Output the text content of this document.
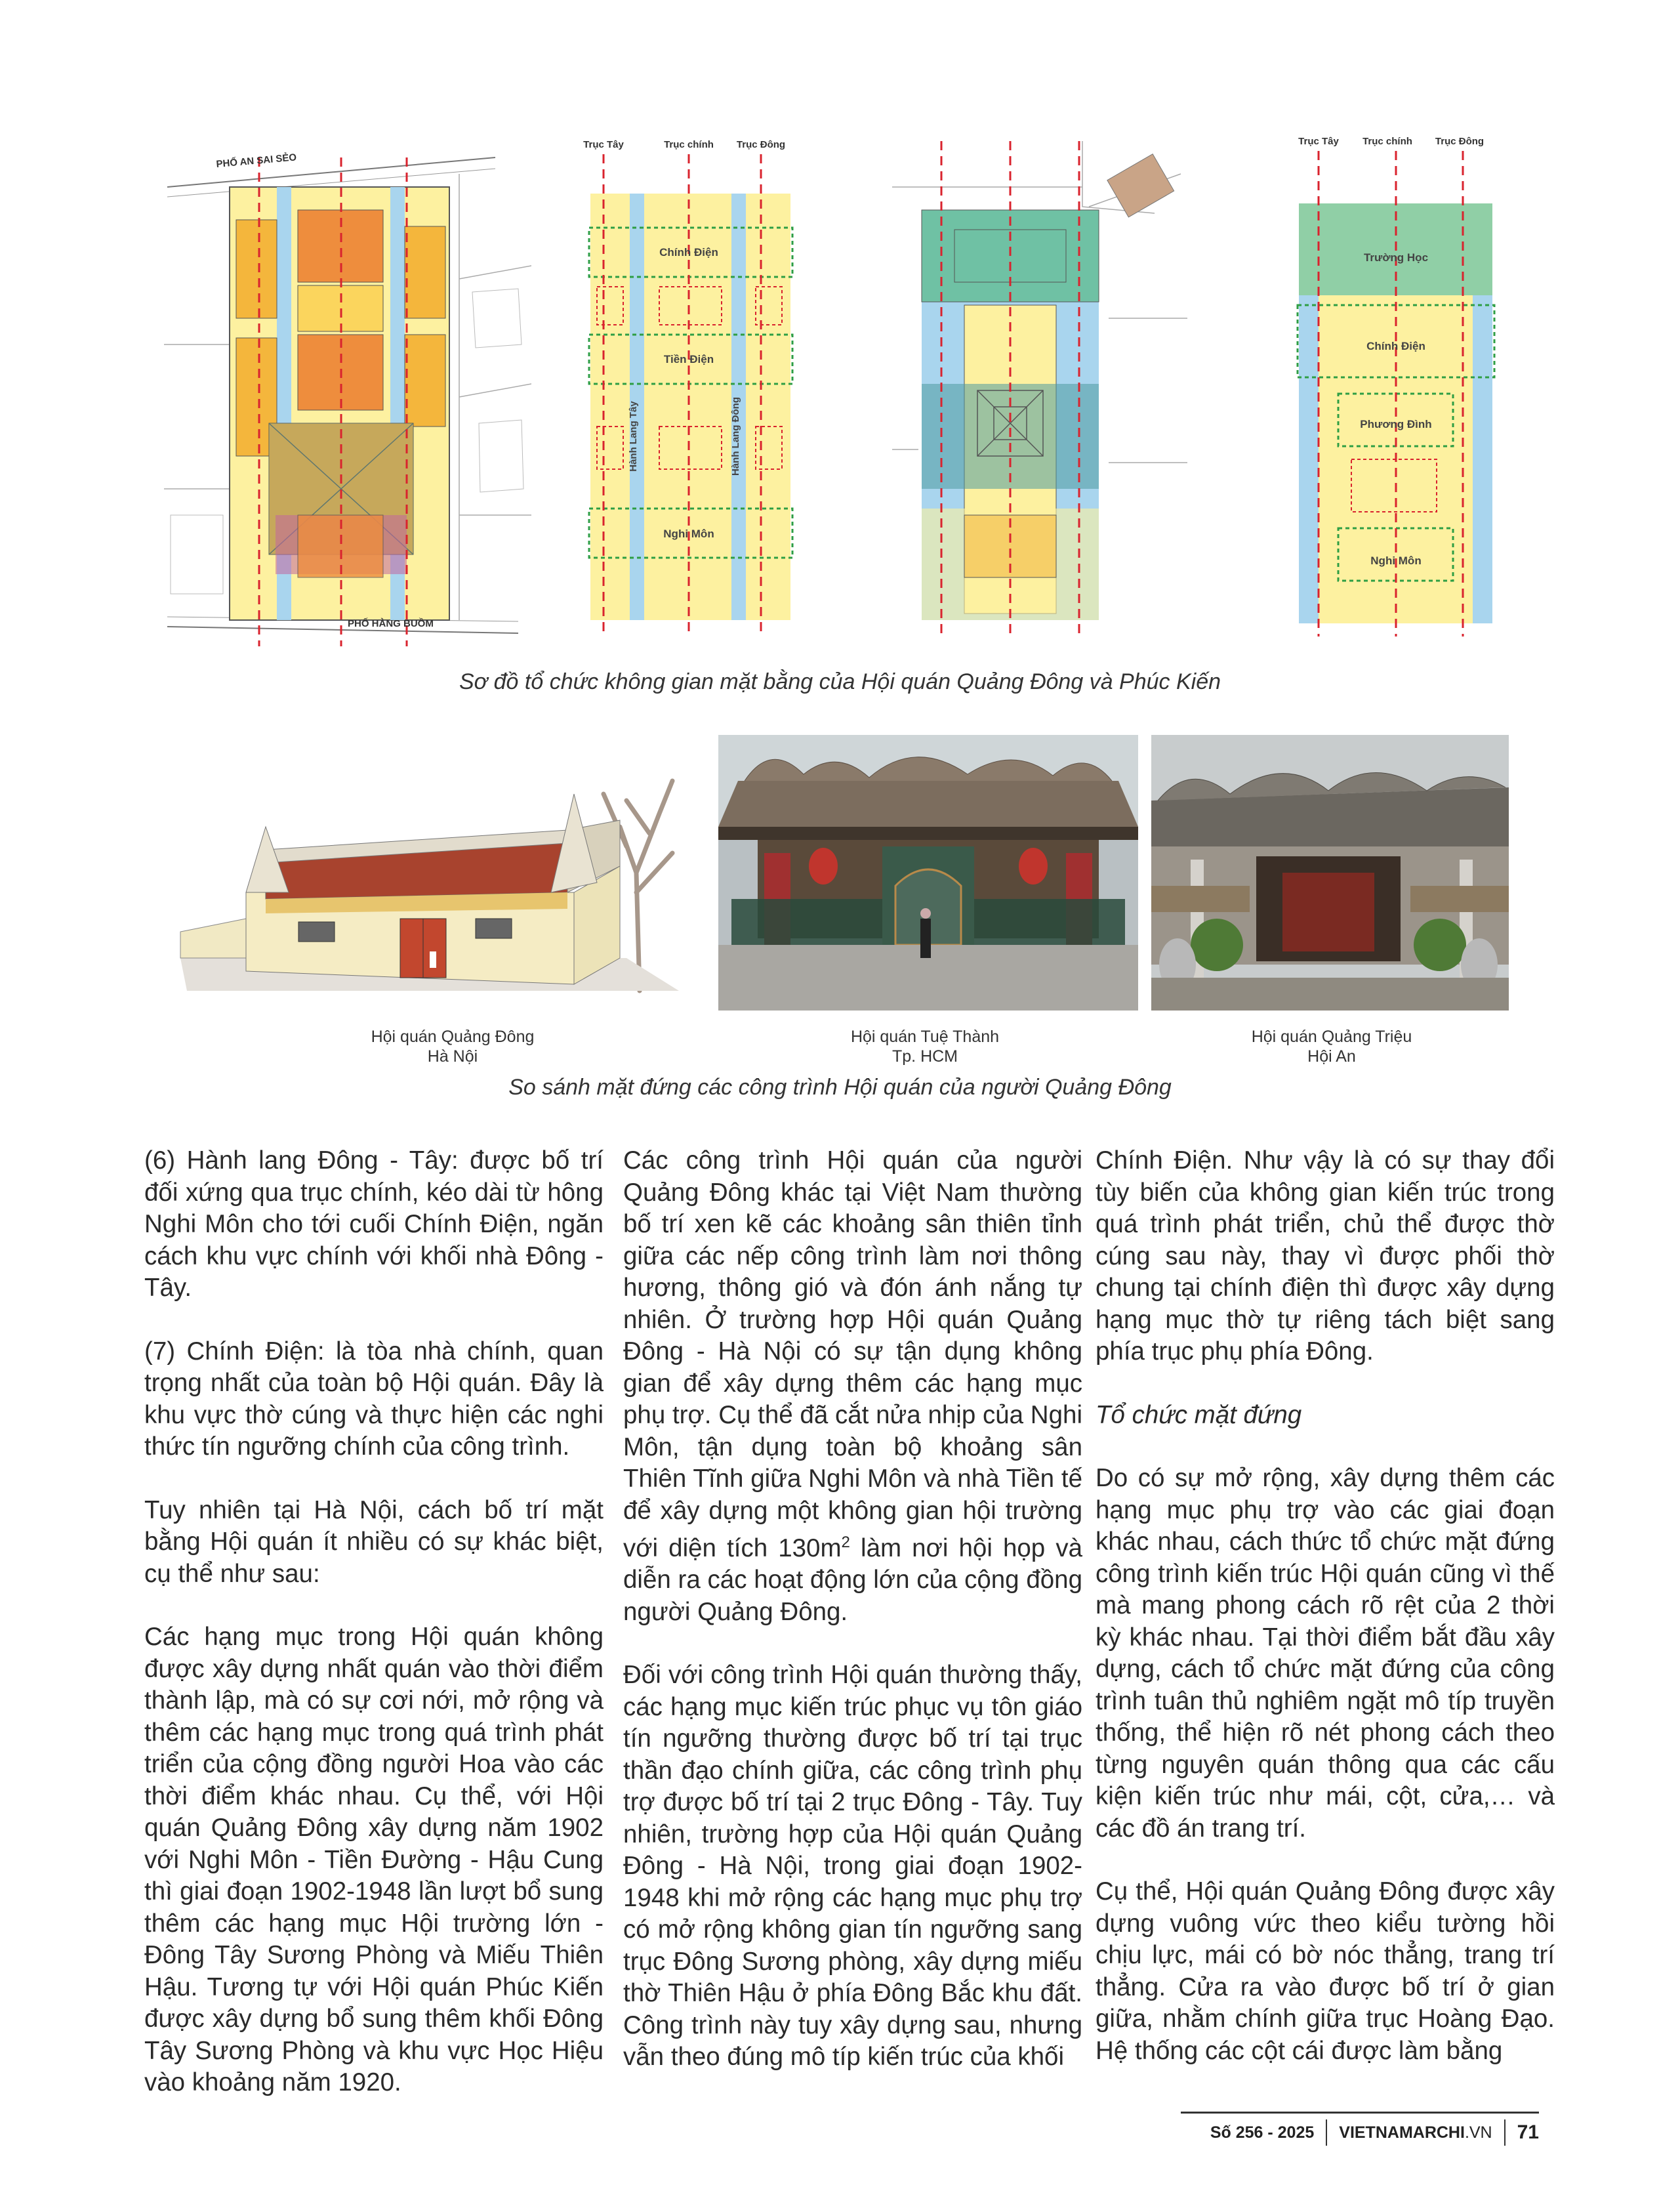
PHỐ AN SAI SẺO
PHỐ HÀNG BUỒM
Trục Tây	Trục chính Trục Đông
Chính Điện
Tiền Điện
Nghi Môn
Hành Lang Tây	Hành Lang Đông
Trục Tây Trục chính Trục Đông
Trường Học
Chính Điện
Phương Đình
Nghi Môn
Sơ đồ tổ chức không gian mặt bằng của Hội quán Quảng Đông và Phúc Kiến
Hội quán Quảng Đông
Hà Nội
Hội quán Tuệ Thành
Tp. HCM
Hội quán Quảng Triệu
Hội An
So sánh mặt đứng các công trình Hội quán của người Quảng Đông

(6) Hành lang Đông - Tây: được bố trí đối xứng qua trục chính, kéo dài từ hông Nghi Môn cho tới cuối Chính Điện, ngăn cách khu vực chính với khối nhà Đông - Tây.

(7) Chính Điện: là tòa nhà chính, quan trọng nhất của toàn bộ Hội quán. Đây là khu vực thờ cúng và thực hiện các nghi thức tín ngưỡng chính của công trình.

Tuy nhiên tại Hà Nội, cách bố trí mặt bằng Hội quán ít nhiều có sự khác biệt, cụ thể như sau:

Các hạng mục trong Hội quán không được xây dựng nhất quán vào thời điểm thành lập, mà có sự cơi nới, mở rộng và thêm các hạng mục trong quá trình phát triển của cộng đồng người Hoa vào các thời điểm khác nhau. Cụ thể, với Hội quán Quảng Đông xây dựng năm 1902 với Nghi Môn - Tiền Đường - Hậu Cung thì giai đoạn 1902-1948 lần lượt bổ sung thêm các hạng mục Hội trường lớn - Đông Tây Sương Phòng và Miếu Thiên Hậu. Tương tự với Hội quán Phúc Kiến được xây dựng bổ sung thêm khối Đông Tây Sương Phòng và khu vực Học Hiệu vào khoảng năm 1920.

Các công trình Hội quán của người Quảng Đông khác tại Việt Nam thường bố trí xen kẽ các khoảng sân thiên tỉnh giữa các nếp công trình làm nơi thông hương, thông gió và đón ánh nắng tự nhiên. Ở trường hợp Hội quán Quảng Đông - Hà Nội có sự tận dụng không gian để xây dựng thêm các hạng mục phụ trợ. Cụ thể đã cắt nửa nhịp của Nghi Môn, tận dụng toàn bộ khoảng sân Thiên Tĩnh giữa Nghi Môn và nhà Tiền tế để xây dựng một không gian hội trường với diện tích $130m^2$ làm nơi hội họp và diễn ra các hoạt động lớn của cộng đồng người Quảng Đông.

Đối với công trình Hội quán thường thấy, các hạng mục kiến trúc phục vụ tôn giáo tín ngưỡng thường được bố trí tại trục thần đạo chính giữa, các công trình phụ trợ được bố trí tại 2 trục Đông - Tây. Tuy nhiên, trường hợp của Hội quán Quảng Đông - Hà Nội, trong giai đoạn 1902-1948 khi mở rộng các hạng mục phụ trợ có mở rộng không gian tín ngưỡng sang trục Đông Sương phòng, xây dựng miếu thờ Thiên Hậu ở phía Đông Bắc khu đất. Công trình này tuy xây dựng sau, nhưng vẫn theo đúng mô típ kiến trúc của khối

Chính Điện. Như vậy là có sự thay đổi tùy biến của không gian kiến trúc trong quá trình phát triển, chủ thể được thờ cúng sau này, thay vì được phối thờ chung tại chính điện thì được xây dựng hạng mục thờ tự riêng tách biệt sang phía trục phụ phía Đông.

Tổ chức mặt đứng

Do có sự mở rộng, xây dựng thêm các hạng mục phụ trợ vào các giai đoạn khác nhau, cách thức tổ chức mặt đứng công trình kiến trúc Hội quán cũng vì thế mà mang phong cách rõ rệt của 2 thời kỳ khác nhau. Tại thời điểm bắt đầu xây dựng, cách tổ chức mặt đứng của công trình tuân thủ nghiêm ngặt mô típ truyền thống, thể hiện rõ nét phong cách theo từng nguyên quán thông qua các cấu kiện kiến trúc như mái, cột, cửa,… và các đồ án trang trí.

Cụ thể, Hội quán Quảng Đông được xây dựng vuông vức theo kiểu tường hồi chịu lực, mái có bờ nóc thẳng, trang trí thẳng. Cửa ra vào được bố trí ở gian giữa, nhằm chính giữa trục Hoàng Đạo. Hệ thống các cột cái được làm bằng

Số 256 - 2025 VIETNAMARCHI .VN 71
